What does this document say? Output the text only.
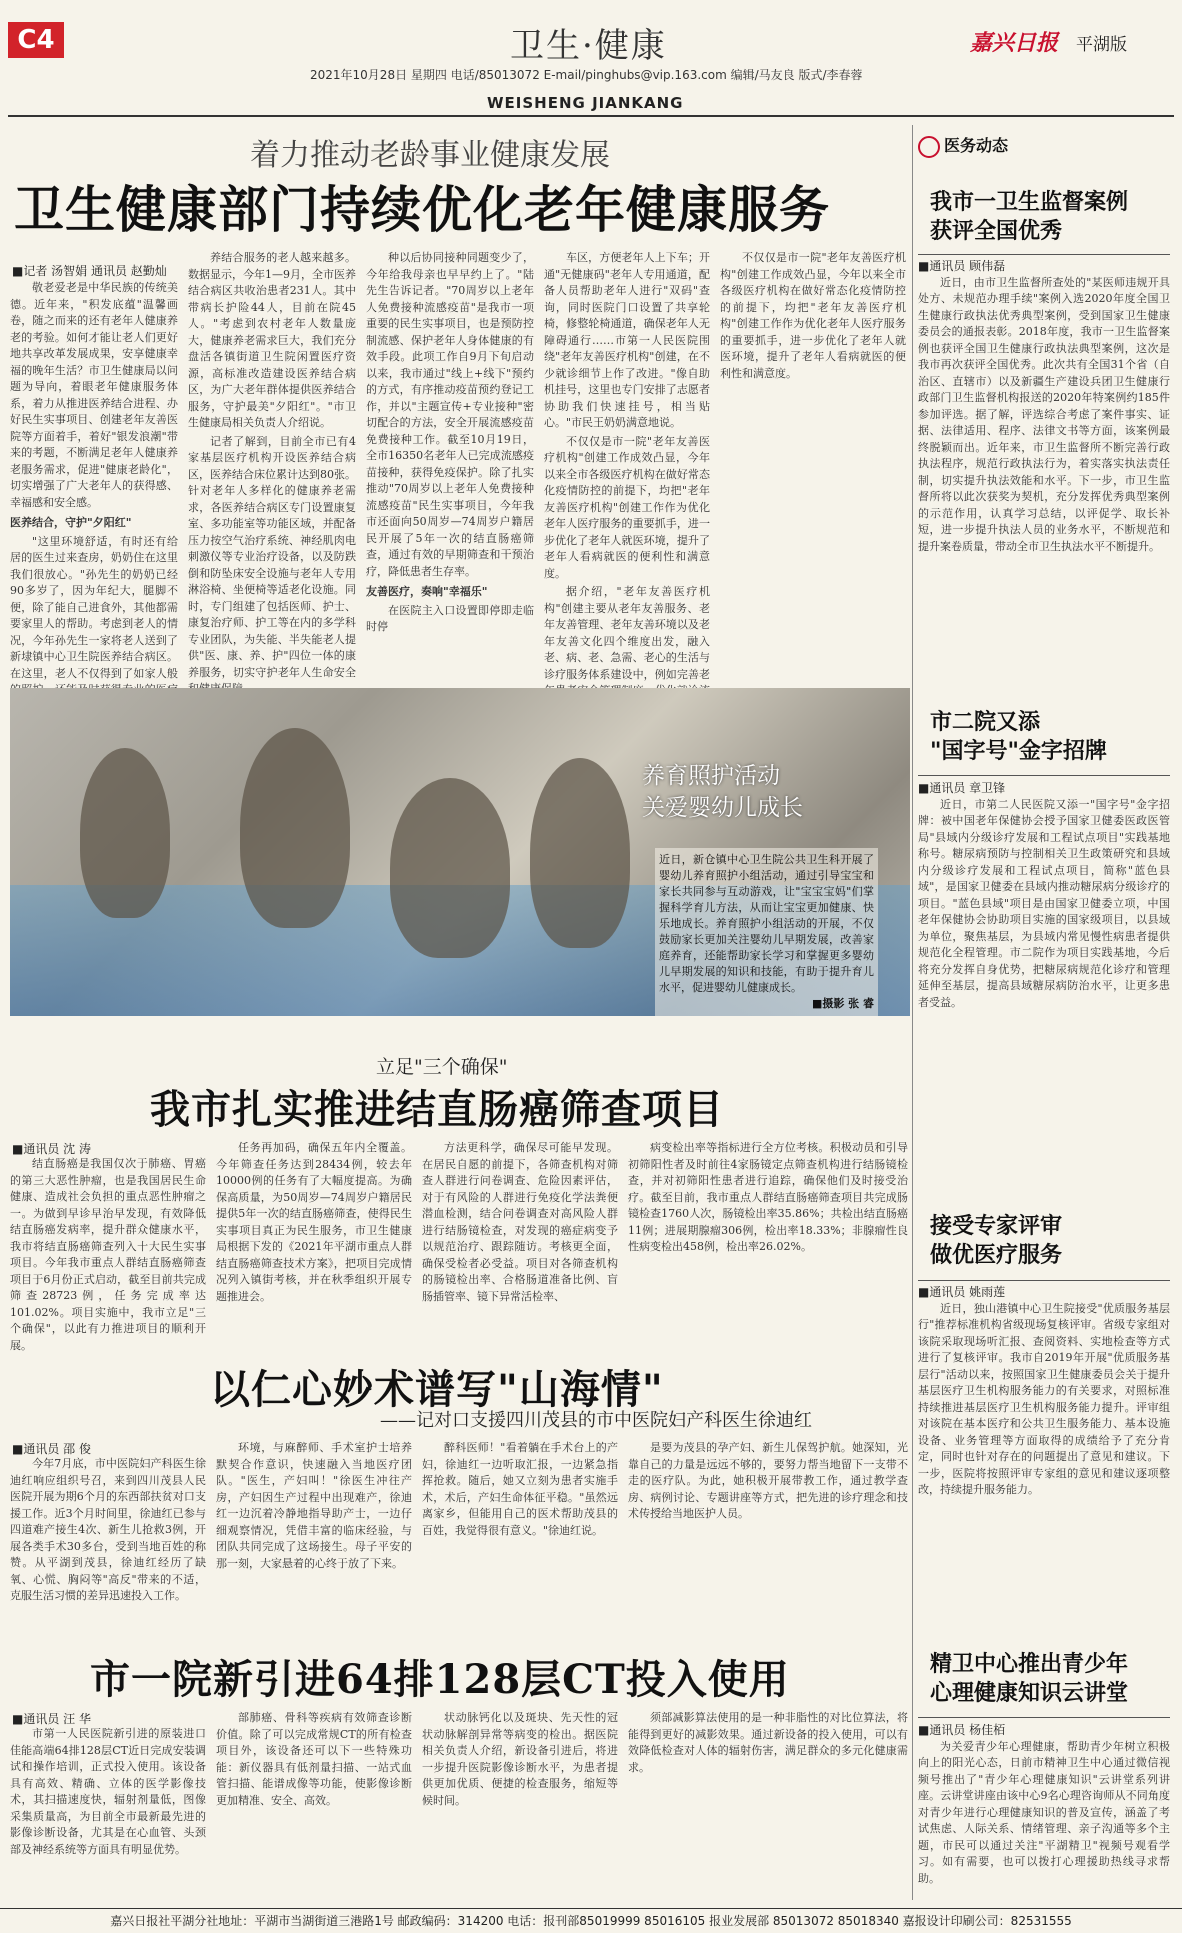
C4	卫生·健康
2021年10月28日 星期四 电话/85013072 E-mail/pinghubs@vip.163.com 编辑/马友良 版式/李春蓉
WEISHENG JIANKANG
嘉兴日报 平湖版
着力推动老龄事业健康发展
卫生健康部门持续优化老年健康服务
■记者 汤智娟 通讯员 赵勤灿

敬老爱老是中华民族的传统美德。近年来，"积发底蕴"温馨画卷，随之而来的还有老年人健康养老的考验。如何才能让老人们更好地共享改革发展成果，安享健康幸福的晚年生活？市卫生健康局以问题为导向，着眼老年健康服务体系，着力从推进医养结合进程、办好民生实事项目、创建老年友善医院等方面着手，着好"银发浪潮"带来的考题，不断满足老年人健康养老服务需求，促进"健康老龄化"，切实增强了广大老年人的获得感、幸福感和安全感。

医养结合，守护"夕阳红"

"这里环境舒适，有时还有给居的医生过来查房，奶奶住在这里我们很放心。"孙先生的奶奶已经90多岁了，因为年纪大，腿脚不便，除了能自己进食外，其他都需要家里人的帮助。考虑到老人的情况，今年孙先生一家将老人送到了新埭镇中心卫生院医养结合病区。在这里，老人不仅得到了如家人般

养结合服务的老人越来越多。数据显示，今年1—9月，全市医养结合病区共收治患者231人。其中带病长护险44人，目前在院45人。"考虑到农村老年人数量庞大，健康养老需求巨大，我们充分盘活各镇街道卫生院闲置医疗资源，高标准改造建设医养结合病区，为广大老年群体提供医养结合服务，守护最美"夕阳红"。"市卫生健康局相关负责人介绍说。

记者了解到，目前全市已有4家基层医疗机构开设医养结合病区，医养结合床位累计达到80张。针对老年人多样化的健康养老需求，各医养结合病区专门设置康复室、多功能室等功能区域，并配备压力按空气治疗系统、神经肌肉电刺激仪等专业治疗设备，以及防跌倒和防坠床安全设施与老年人专用淋浴椅、坐便椅等适老化设施。同时，专门组建了包括医师、护士、康复治疗师、护工等在内的多学科专业团队，为失能、半失能老人提供"医、康、养、护"四位一体的康养服务，切实守护老年人生命安全

种以后协同接种同题变少了，今年给我母亲也早早约上了。"陆先生告诉记者。"70周岁以上老年人免费接种流感疫苗"是我市一项重要的民生实事项目，也是预防控制流感、保护老年人身体健康的有效手段。此项工作自9月下旬启动以来，我市通过"线上+线下"预约的方式，有序推动疫苗预约登记工作，并以"主题宣传+专业接种"密切配合的方法，安全开展流感疫苗免费接种工作。截至10月19日，全市16350名老年人已完成流感疫苗接种，获得免疫保护。除了扎实推动"70周岁以上老年人免费接种流感疫苗"民生实事项目，今年我市还面向50周岁—74周岁户籍居民开展了5年一次的结直肠癌筛查，通过有效的早期筛查和干预治疗，降低患者生存率。

友善医疗，奏响"幸福乐"

在医院主入口设置即停即走临时停

车区，方便老年人上下车；开通"无健康码"老年人专用通道，配备人员帮助老年人进行"双码"查询，同时医院门口设置了共享轮椅，修整轮椅通道，确保老年人无障碍通行……市第一人民医院围绕"老年友善医疗机构"创建，在不少就诊细节上作了改进。"像自助机挂号，这里也专门安排了志愿者协助我们快速挂号，相当贴心。"市民王奶奶满意地说。

不仅仅是市一院"老年友善医疗机构"创建工作成效凸显，今年以来全市各级医疗机构在做好常态化疫情防控的前提下，均把"老年友善医疗机构"创建工作作为优化老年人医疗服务的重要抓手，进一步优化了老年人就医环境，提升了老年人看病就医的便利性和满意度。

据介绍，"老年友善医疗机构"创建主要从老年友善服务、老年友善管理、老年友善环境以及老年友善文化四个维度出发，融入老、病、老、急需、老心的生活与诊疗服务体系建设中，例如完善老

不仅仅是市一院"老年友善医疗机构"创建工作成效凸显，今年以来全市各级医疗机构在做好常态化疫情防控的前提下，均把"老年友善医疗机构"创建工作作为优化老年人医疗服务的重要抓手，进一步优化了老年人就医环境，提升了老年人看病就医的便利性和满意度。

养育照护活动
关爱婴幼儿成长
近日，新仓镇中心卫生院公共卫生科开展了婴幼儿养育照护小组活动，通过引导宝宝和家长共同参与互动游戏，让"宝宝宝妈"们掌握科学育儿方法，从而让宝宝更加健康、快乐地成长。养育照护小组活动的开展，不仅鼓励家长更加关注婴幼儿早期发展，改善家庭养育，还能帮助家长学习和掌握更多婴幼儿早期发展的知识和技能，有助于提升育儿水平，促进婴幼儿健康成长。
■摄影 张 睿
立足"三个确保"
我市扎实推进结直肠癌筛查项目
■通讯员 沈 涛

结直肠癌是我国仅次于肺癌、胃癌的第三大恶性肿瘤，也是我国居民生命健康、造成社会负担的重点恶性肿瘤之一。为做到早诊早治早发现，有效降低结直肠癌发病率，提升群众健康水平，我市将结直肠癌筛查列入十大民生实事项目。今年我市重点人群结直肠癌筛查项目于6月份正式启动，截至目前共完成筛查28723例，任务完成率达101.02%。项目实施中，我市立足"三个确保"，以此有力推进项目的顺利开展。

任务再加码，确保五年内全覆盖。今年筛查任务达到28434例，较去年10000例的任务有了大幅度提高。为确保高质量，为50周岁—74周岁户籍居民提供5年一次的结直肠癌筛查，使得民生实事项目真正为民生服务，市卫生健康局根据下发的《2021年平湖市重点人群结直肠癌筛查技术方案》，把项目完成情况列入镇街考核，并在秋季组织开展专题推进会。

方法更科学，确保尽可能早发现。在居民自愿的前提下，各筛查机构对筛查人群进行问卷调查、危险因素评估，对于有风险的人群进行免疫化学法粪便潜血检测，结合问卷调查对高风险人群进行结肠镜检查，对发现的癌症病变予以规范治疗、跟踪随访。考核更全面，确保受检者必受益。项目对各筛查机构的肠镜检出率、合格肠道准备比例、盲肠插管率、镜下异常活检率、

病变检出率等指标进行全方位考核。积极动员和引导初筛阳性者及时前往4家肠镜定点筛查机构进行结肠镜检查，并对初筛阳性患者进行追踪，确保他们及时接受治疗。截至目前，我市重点人群结直肠癌筛查项目共完成肠镜检查1760人次，肠镜检出率35.86%；共检出结直肠癌11例；进展期腺瘤306例，检出率18.33%；非腺瘤性良性病变检出458例，检出率26.02%。

以仁心妙术谱写"山海情"
——记对口支援四川茂县的市中医院妇产科医生徐迪红
■通讯员 邵 俊

今年7月底，市中医院妇产科医生徐迪红响应组织号召，来到四川茂县人民医院开展为期6个月的东西部扶贫对口支援工作。近3个月时间里，徐迪红已参与四道难产接生4次、新生儿抢救3例，开展各类手术30多台，受到当地百姓的称赞。从平湖到茂县，徐迪红经历了缺氧、心慌、胸闷等"高反"带来的不适，克服生活习惯的差异迅速投入工作。

环境，与麻醉师、手术室护士培养默契合作意识，快速融入当地医疗团队。"医生，产妇叫！"徐医生冲往产房，产妇因生产过程中出现难产，徐迪红一边沉着冷静地指导助产士，一边仔细观察情况，凭借丰富的临床经验，与团队共同完成了这场接生。母子平安的那一刻，大家悬着的心终于放了下来。

醉科医师！"看着躺在手术台上的产妇，徐迪红一边听取汇报，一边紧急指挥抢救。随后，她又立刻为患者实施手术，术后，产妇生命体征平稳。"虽然远离家乡，但能用自己的医术帮助茂县的百姓，我觉得很有意义。"徐迪红说。

是要为茂县的孕产妇、新生儿保驾护航。她深知，光靠自己的力量是远远不够的，要努力帮当地留下一支带不走的医疗队。为此，她积极开展带教工作，通过教学查房、病例讨论、专题讲座等方式，把先进的诊疗理念和技术传授给当地医护人员。

市一院新引进64排128层CT投入使用
■通讯员 汪 华

市第一人民医院新引进的原装进口佳能高端64排128层CT近日完成安装调试和操作培训，正式投入使用。该设备具有高效、精确、立体的医学影像技术，其扫描速度快，辐射剂量低，图像采集质量高，为目前全市最新最先进的影像诊断设备，尤其是在心血管、头颈部及神经系统等方面具有明显优势。

部肺癌、骨科等疾病有效筛查诊断价值。除了可以完成常规CT的所有检查项目外，该设备还可以下一些特殊功能：新仪器具有低剂量扫描、一站式血管扫描、能谱成像等功能，使影像诊断更加精准、安全、高效。

状动脉钙化以及斑块、先天性的冠状动脉解剖异常等病变的检出。据医院相关负责人介绍，新设备引进后，将进一步提升医院影像诊断水平，为患者提供更加优质、便捷的检查服务，缩短等候时间。

须部减影算法使用的是一种非脂性的对比位算法，将能得到更好的减影效果。通过新设备的投入使用，可以有效降低检查对人体的辐射伤害，满足群众的多元化健康需求。

医务动态
我市一卫生监督案例
获评全国优秀
■通讯员 顾伟磊

近日，由市卫生监督所查处的"某医师违规开具处方、未规范办理手续"案例入选2020年度全国卫生健康行政执法优秀典型案例，受到国家卫生健康委员会的通报表彰。2018年度，我市一卫生监督案例也获评全国卫生健康行政执法典型案例，这次是我市再次获评全国优秀。此次共有全国31个省（自治区、直辖市）以及新疆生产建设兵团卫生健康行政部门卫生监督机构报送的2020年特案例约185件参加评选。据了解，评选综合考虑了案件事实、证据、法律适用、程序、法律文书等方面，该案例最终脱颖而出。近年来，市卫生监督所不断完善行政执法程序，规范行政执法行为，着实落实执法责任制，切实提升执法效能和水平。下一步，市卫生监督所将以此次获奖为契机，充分发挥优秀典型案例的示范作用，认真学习总结，以评促学、取长补短，进一步提升执法人员的业务水平，不断规范和提升案卷质量，带动全市卫生执法水平不断提升。

市二院又添
"国字号"金字招牌
■通讯员 章卫锋

近日，市第二人民医院又添一"国字号"金字招牌：被中国老年保健协会授予国家卫健委医政医管局"县域内分级诊疗发展和工程试点项目"实践基地称号。糖尿病预防与控制相关卫生政策研究和县域内分级诊疗发展和工程试点项目，简称"蓝色县域"，是国家卫健委在县域内推动糖尿病分级诊疗的项目。"蓝色县域"项目是由国家卫健委立项，中国老年保健协会协助项目实施的国家级项目，以县域为单位，聚焦基层，为县域内常见慢性病患者提供规范化全程管理。市二院作为项目实践基地，今后将充分发挥自身优势，把糖尿病规范化诊疗和管理延伸至基层，提高县域糖尿病防治水平，让更多患者受益。

接受专家评审
做优医疗服务
■通讯员 姚雨莲

近日，独山港镇中心卫生院接受"优质服务基层行"推荐标准机构省级现场复核评审。省级专家组对该院采取现场听汇报、查阅资料、实地检查等方式进行了复核评审。我市自2019年开展"优质服务基层行"活动以来，按照国家卫生健康委员会关于提升基层医疗卫生机构服务能力的有关要求，对照标准持续推进基层医疗卫生机构服务能力提升。评审组对该院在基本医疗和公共卫生服务能力、基本设施设备、业务管理等方面取得的成绩给予了充分肯定，同时也针对存在的问题提出了意见和建议。下一步，医院将按照评审专家组的意见和建议逐项整改，持续提升服务能力。

精卫中心推出青少年
心理健康知识云讲堂
■通讯员 杨佳栢

为关爱青少年心理健康，帮助青少年树立积极向上的阳光心态，日前市精神卫生中心通过微信视频号推出了"青少年心理健康知识"云讲堂系列讲座。云讲堂讲座由该中心9名心理咨询师从不同角度对青少年进行心理健康知识的普及宣传，涵盖了考试焦虑、人际关系、情绪管理、亲子沟通等多个主题，市民可以通过关注"平湖精卫"视频号观看学习。如有需要，也可以拨打心理援助热线寻求帮助。

嘉兴日报社平湖分社地址：平湖市当湖街道三港路1号 邮政编码：314200 电话：报刊部85019999 85016105 报业发展部 85013072 85018340 嘉报设计印刷公司：82531555
